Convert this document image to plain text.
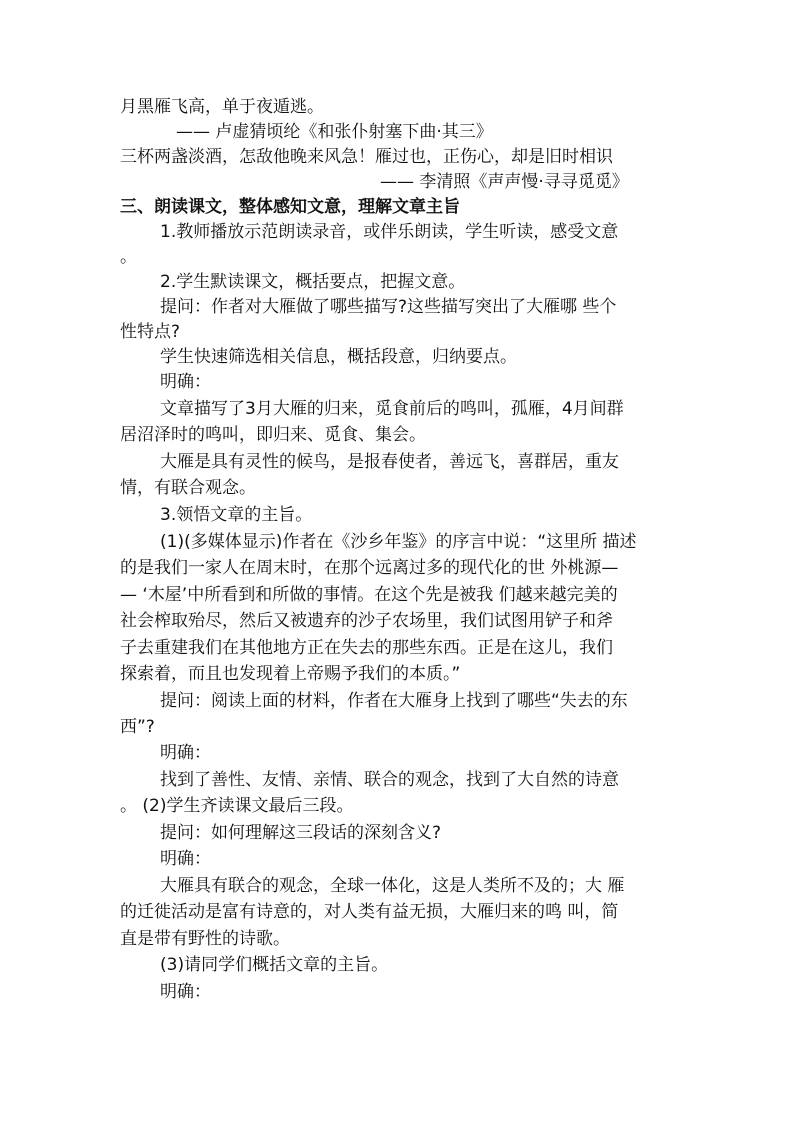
月黑雁飞高，单于夜遁逃。
—— 卢虚猜顷纶《和张仆射塞下曲·其三》
三杯两盏淡酒，怎敌他晚来风急！雁过也，正伤心，却是旧时相识
—— 李清照《声声慢·寻寻觅觅》
三、朗读课文，整体感知文意，理解文章主旨
1.教师播放示范朗读录音，或伴乐朗读，学生听读，感受文意
。
2.学生默读课文，概括要点，把握文意。
提问：作者对大雁做了哪些描写?这些描写突出了大雁哪 些个
性特点?
学生快速筛选相关信息，概括段意，归纳要点。
明确：
文章描写了3月大雁的归来，觅食前后的鸣叫，孤雁，4月间群
居沼泽时的鸣叫，即归来、觅食、集会。
大雁是具有灵性的候鸟，是报春使者，善远飞，喜群居，重友
情，有联合观念。
3.领悟文章的主旨。
(1)(多媒体显示)作者在《沙乡年鉴》的序言中说：“这里所 描述
的是我们一家人在周末时，在那个远离过多的现代化的世 外桃源—
— ‘木屋’中所看到和所做的事情。在这个先是被我 们越来越完美的
社会榨取殆尽，然后又被遗弃的沙子农场里，我们试图用铲子和斧
子去重建我们在其他地方正在失去的那些东西。正是在这儿，我们
探索着，而且也发现着上帝赐予我们的本质。”
提问：阅读上面的材料，作者在大雁身上找到了哪些“失去的东
西”?
明确：
找到了善性、友情、亲情、联合的观念，找到了大自然的诗意
。 (2)学生齐读课文最后三段。
提问：如何理解这三段话的深刻含义?
明确：
大雁具有联合的观念，全球一体化，这是人类所不及的；大 雁
的迁徙活动是富有诗意的，对人类有益无损，大雁归来的鸣 叫，简
直是带有野性的诗歌。
(3)请同学们概括文章的主旨。
明确：
